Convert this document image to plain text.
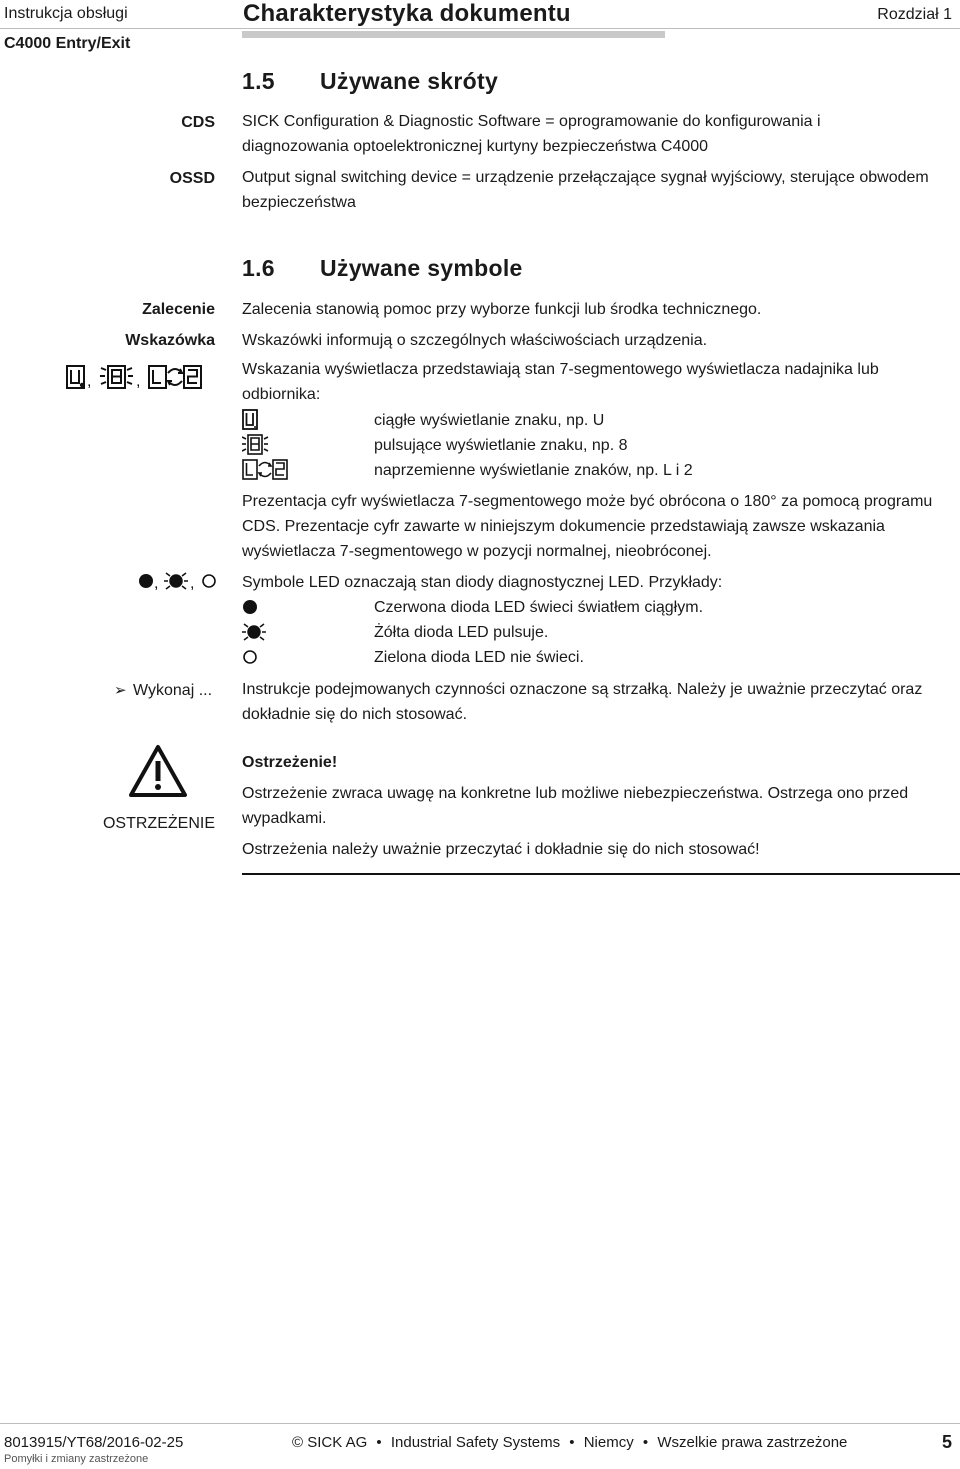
Instrukcja obsługi
C4000 Entry/Exit
Charakterystyka dokumentu	Rozdział 1
1.5 Używane skróty
CDS SICK Configuration & Diagnostic Software = oprogramowanie do konfigurowania i diagnozowania optoelektronicznej kurtyny bezpieczeństwa C4000
OSSD Output signal switching device = urządzenie przełączające sygnał wyjściowy, sterujące obwodem bezpieczeństwa
1.6 Używane symbole
Zalecenie Zalecenia stanowią pomoc przy wyborze funkcji lub środka technicznego.
Wskazówka Wskazówki informują o szczególnych właściwościach urządzenia.
,	,
Wskazania wyświetlacza przedstawiają stan 7-segmentowego wyświetlacza nadajnika lub odbiornika:
ciągłe wyświetlanie znaku, np. U
pulsujące wyświetlanie znaku, np. 8
naprzemienne wyświetlanie znaków, np. L i 2
Prezentacja cyfr wyświetlacza 7-segmentowego może być obrócona o 180° za pomocą programu CDS. Prezentacje cyfr zawarte w niniejszym dokumencie przedstawiają zawsze wskazania wyświetlacza 7-segmentowego w pozycji normalnej, nieobróconej.
, ,	Symbole LED oznaczają stan diody diagnostycznej LED. Przykłady:
Czerwona dioda LED świeci światłem ciągłym.
Żółta dioda LED pulsuje.
Zielona dioda LED nie świeci.
➢ Wykonaj ... Instrukcje podejmowanych czynności oznaczone są strzałką. Należy je uważnie przeczytać oraz dokładnie się do nich stosować.
OSTRZEŻENIE
Ostrzeżenie!
Ostrzeżenie zwraca uwagę na konkretne lub możliwe niebezpieczeństwa. Ostrzega ono przed wypadkami.
Ostrzeżenia należy uważnie przeczytać i dokładnie się do nich stosować!
8013915/YT68/2016-02-25
Pomyłki i zmiany zastrzeżone
© SICK AG • Industrial Safety Systems • Niemcy • Wszelkie prawa zastrzeżone	5
